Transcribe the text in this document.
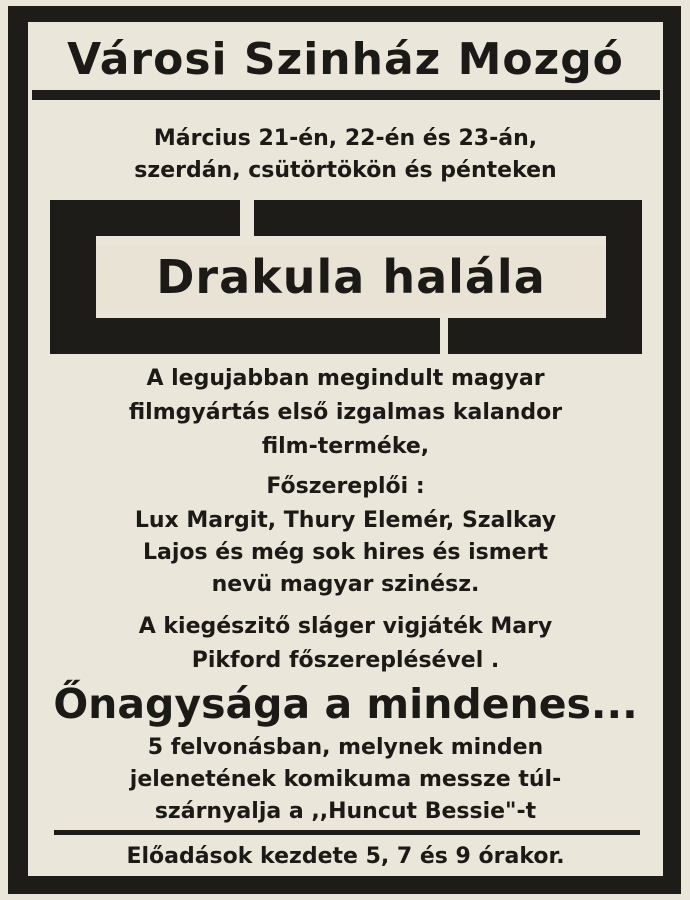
Városi Szinház Mozgó
Március 21-én, 22-én és 23-án,
szerdán, csütörtökön és pénteken
Drakula halála
A legujabban megindult magyar
filmgyártás első izgalmas kalandor
film-terméke,
Főszereplői :
Lux Margit, Thury Elemér, Szalkay
Lajos és még sok hires és ismert
nevü magyar szinész.
A kiegészitő sláger vigjáték Mary
Pikford főszereplésével .
Őnagysága a mindenes...
5 felvonásban, melynek minden
jelenetének komikuma messze túl-
szárnyalja a ,,Huncut Bessie"-t
Előadások kezdete 5, 7 és 9 órakor.
